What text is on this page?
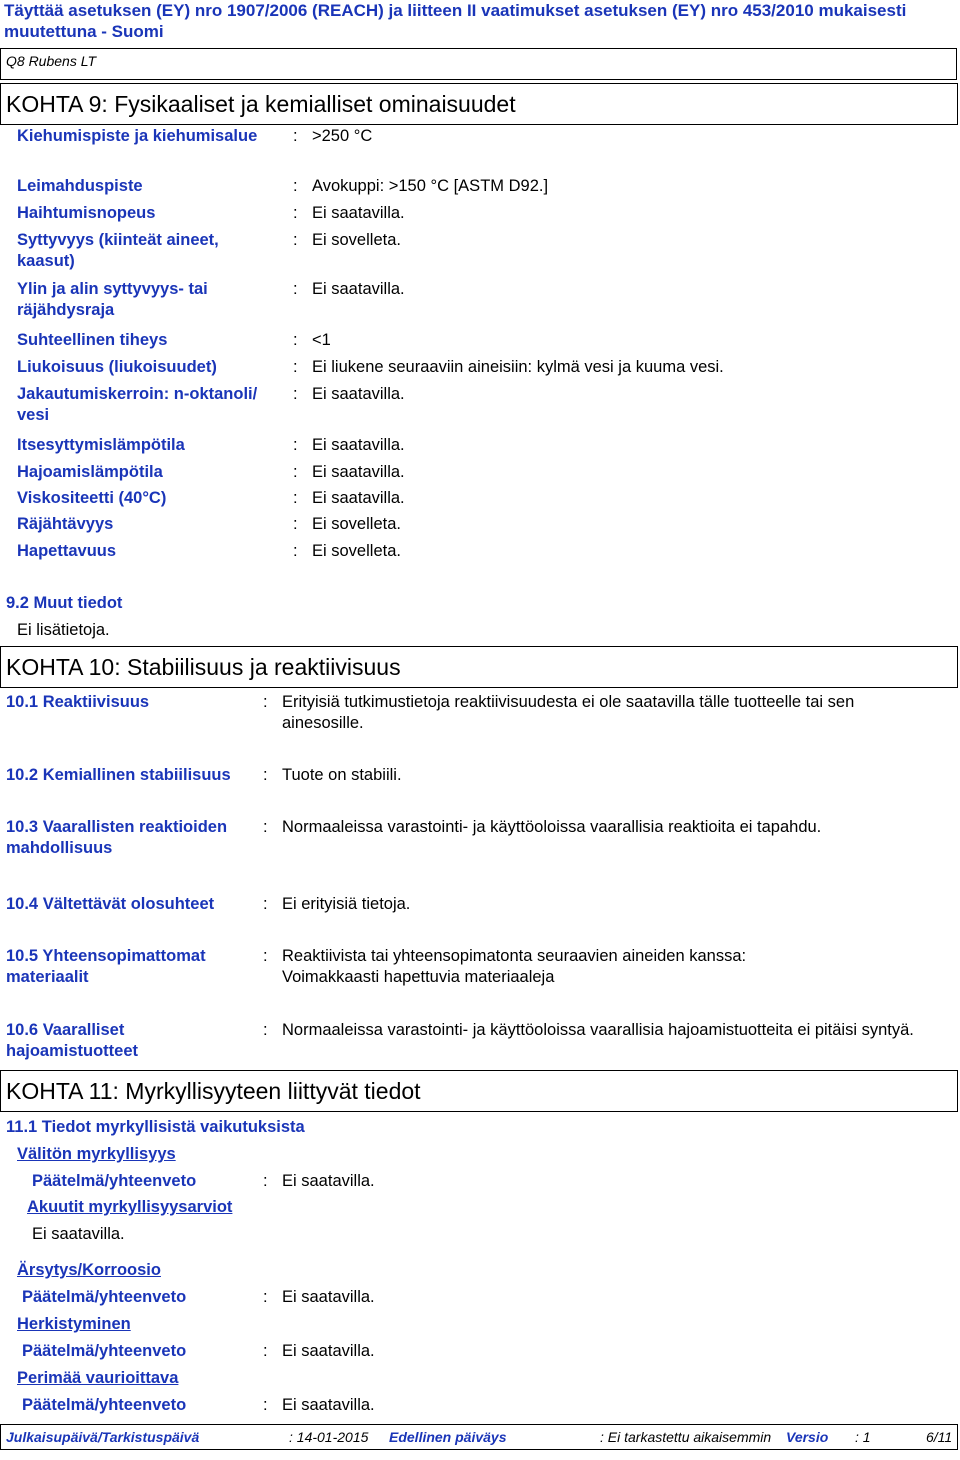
Täyttää asetuksen (EY) nro 1907/2006 (REACH) ja liitteen II vaatimukset asetuksen (EY) nro 453/2010 mukaisesti muutettuna - Suomi
Q8 Rubens LT
KOHTA 9: Fysikaaliset ja kemialliset ominaisuudet
Kiehumispiste ja kiehumisalue	: >250 °C
Leimahduspiste	: Avokuppi: >150 °C [ASTM D92.]
Haihtumisnopeus	: Ei saatavilla.
Syttyvyys (kiinteät aineet, kaasut)
: Ei sovelleta.
Ylin ja alin syttyvyys- tai räjähdysraja
: Ei saatavilla.
Suhteellinen tiheys	: <1
Liukoisuus (liukoisuudet)	: Ei liukene seuraaviin aineisiin: kylmä vesi ja kuuma vesi.
Jakautumiskerroin: n-oktanoli/ vesi
: Ei saatavilla.
Itsesyttymislämpötila	: Ei saatavilla.
Hajoamislämpötila	: Ei saatavilla.
Viskositeetti (40°C)	: Ei saatavilla.
Räjähtävyys	: Ei sovelleta.
Hapettavuus	: Ei sovelleta.
9.2 Muut tiedot
Ei lisätietoja.
KOHTA 10: Stabiilisuus ja reaktiivisuus
10.1 Reaktiivisuus	: Erityisiä tutkimustietoja reaktiivisuudesta ei ole saatavilla tälle tuotteelle tai sen ainesosille.
10.2 Kemiallinen stabiilisuus	: Tuote on stabiili.
10.3 Vaarallisten reaktioiden mahdollisuus
: Normaaleissa varastointi- ja käyttöoloissa vaarallisia reaktioita ei tapahdu.
10.4 Vältettävät olosuhteet	: Ei erityisiä tietoja.
10.5 Yhteensopimattomat materiaalit
: Reaktiivista tai yhteensopimatonta seuraavien aineiden kanssa: Voimakkaasti hapettuvia materiaaleja
10.6 Vaaralliset hajoamistuotteet
: Normaaleissa varastointi- ja käyttöoloissa vaarallisia hajoamistuotteita ei pitäisi syntyä.
KOHTA 11: Myrkyllisyyteen liittyvät tiedot
11.1 Tiedot myrkyllisistä vaikutuksista
Välitön myrkyllisyys
Päätelmä/yhteenveto	: Ei saatavilla.
Akuutit myrkyllisyysarviot
Ei saatavilla.
Ärsytys/Korroosio
Päätelmä/yhteenveto	: Ei saatavilla.
Herkistyminen
Päätelmä/yhteenveto	: Ei saatavilla.
Perimää vaurioittava
Päätelmä/yhteenveto	: Ei saatavilla.
Julkaisupäivä/Tarkistuspäivä	: 14-01-2015 Edellinen päiväys	: Ei tarkastettu aikaisemmin Versio : 1	6/11
